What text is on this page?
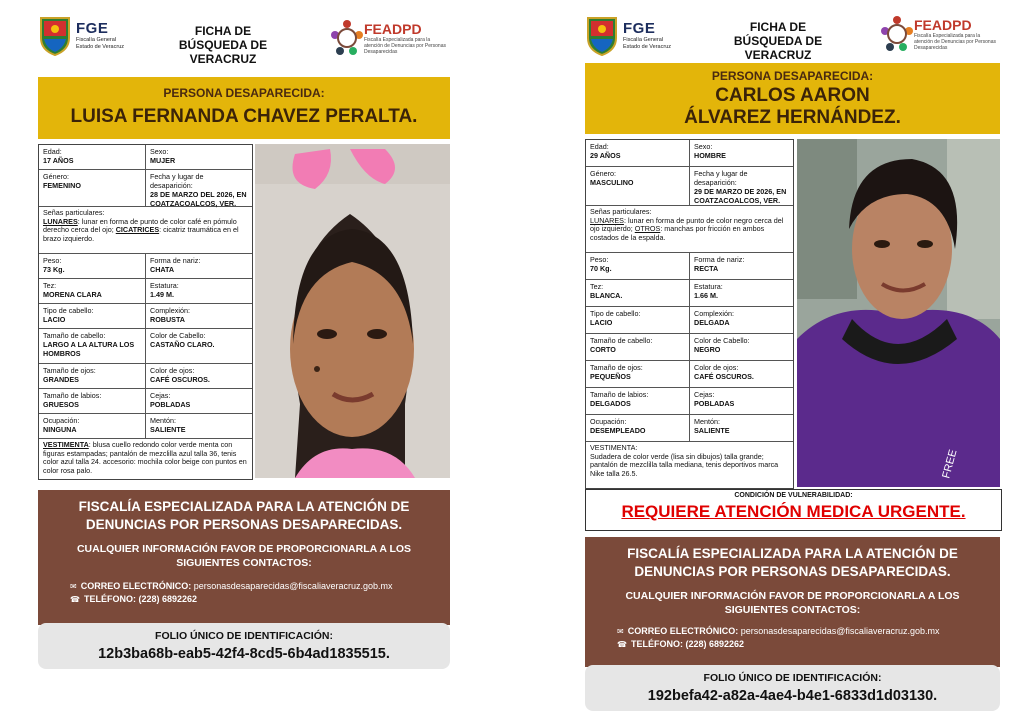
FGE
Fiscalía General
Estado de Veracruz
FICHA DE BÚSQUEDA DE VERACRUZ
FEADPD
Fiscalía Especializada para la atención de Denuncias por Personas Desaparecidas
PERSONA DESAPARECIDA:
LUISA FERNANDA CHAVEZ PERALTA.
Edad:
17 AÑOS
Sexo:
MUJER
Género:
FEMENINO
Fecha y lugar de desaparición:
28 DE MARZO DEL 2026, EN COATZACOALCOS, VER.
Señas particulares:
LUNARES: lunar en forma de punto de color café en pómulo derecho cerca del ojo; CICATRICES: cicatriz traumática en el brazo izquierdo.
Peso:
73 Kg.
Forma de nariz:
CHATA
Tez:
MORENA CLARA
Estatura:
1.49 M.
Tipo de cabello:
LACIO
Complexión:
ROBUSTA
Tamaño de cabello:
LARGO A LA ALTURA LOS HOMBROS
Color de Cabello:
CASTAÑO CLARO.
Tamaño de ojos:
GRANDES
Color de ojos:
CAFÉ OSCUROS.
Tamaño de labios:
GRUESOS
Cejas:
POBLADAS
Ocupación:
NINGUNA
Mentón:
SALIENTE
VESTIMENTA: blusa cuello redondo color verde menta con figuras estampadas; pantalón de mezclilla azul talla 36, tenis color azul talla 24. accesorio: mochila color beige con puntos en color rosa palo.
FISCALÍA ESPECIALIZADA PARA LA ATENCIÓN DE DENUNCIAS POR PERSONAS DESAPARECIDAS.
CUALQUIER INFORMACIÓN FAVOR DE PROPORCIONARLA A LOS SIGUIENTES CONTACTOS:
✉ CORREO ELECTRÓNICO: personasdesaparecidas@fiscaliaveracruz.gob.mx
☎ TELÉFONO: (228) 6892262
FOLIO ÚNICO DE IDENTIFICACIÓN:
12b3ba68b-eab5-42f4-8cd5-6b4ad1835515.
FGE
Fiscalía General
Estado de Veracruz
FICHA DE BÚSQUEDA DE VERACRUZ
FEADPD
Fiscalía Especializada para la atención de Denuncias por Personas Desaparecidas
PERSONA DESAPARECIDA:
CARLOS AARON
ÁLVAREZ HERNÁNDEZ.
Edad:
29 AÑOS
Sexo:
HOMBRE
Género:
MASCULINO
Fecha y lugar de desaparición:
29 DE MARZO DE 2026, EN COATZACOALCOS, VER.
Señas particulares:
LUNARES: lunar en forma de punto de color negro cerca del ojo izquierdo; OTROS: manchas por fricción en ambos costados de la espalda.
Peso:
70 Kg.
Forma de nariz:
RECTA
Tez:
BLANCA.
Estatura:
1.66 M.
Tipo de cabello:
LACIO
Complexión:
DELGADA
Tamaño de cabello:
CORTO
Color de Cabello:
NEGRO
Tamaño de ojos:
PEQUEÑOS
Color de ojos:
CAFÉ OSCUROS.
Tamaño de labios:
DELGADOS
Cejas:
POBLADAS
Ocupación:
DESEMPLEADO
Mentón:
SALIENTE
VESTIMENTA:
Sudadera de color verde (lisa sin dibujos) talla grande; pantalón de mezclilla talla mediana, tenis deportivos marca Nike talla 26.5.	FREE
CONDICIÓN DE VULNERABILIDAD:
REQUIERE ATENCIÓN MEDICA URGENTE.
FISCALÍA ESPECIALIZADA PARA LA ATENCIÓN DE DENUNCIAS POR PERSONAS DESAPARECIDAS.
CUALQUIER INFORMACIÓN FAVOR DE PROPORCIONARLA A LOS SIGUIENTES CONTACTOS:
✉ CORREO ELECTRÓNICO: personasdesaparecidas@fiscaliaveracruz.gob.mx
☎ TELÉFONO: (228) 6892262
FOLIO ÚNICO DE IDENTIFICACIÓN:
192befa42-a82a-4ae4-b4e1-6833d1d03130.
